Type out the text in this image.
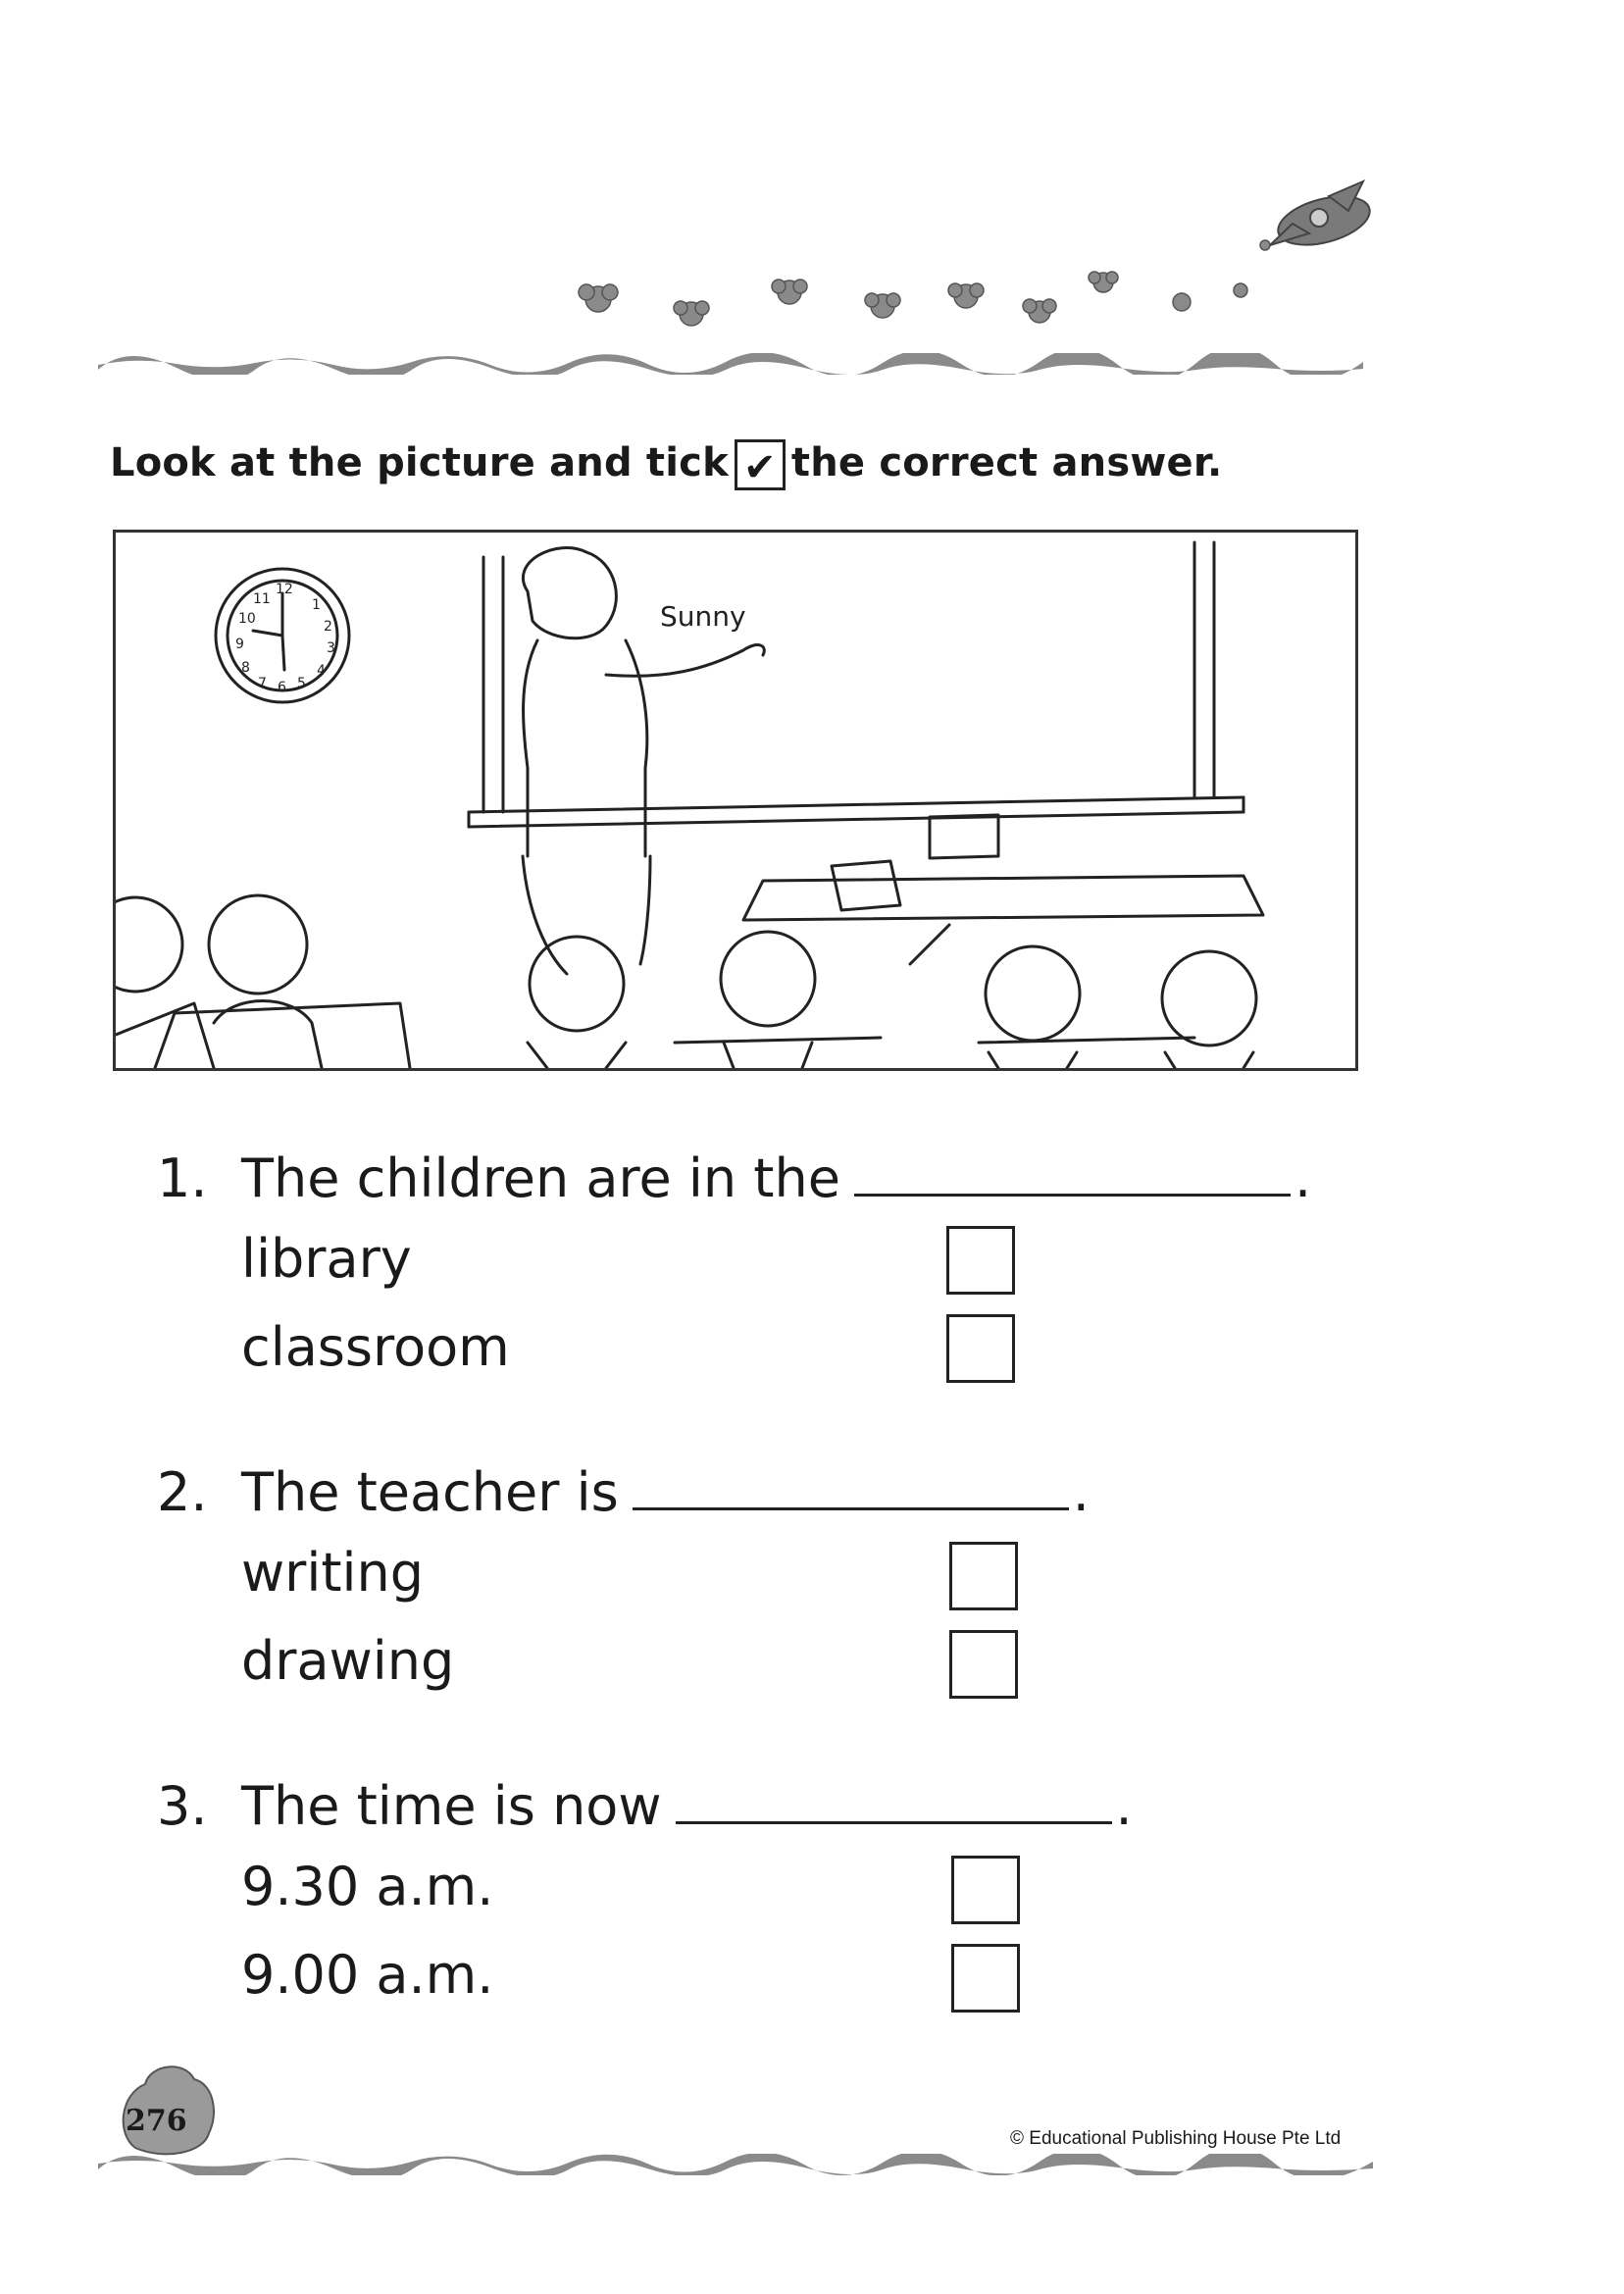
Look at the picture and tick ✔ the correct answer.
12
1
2
3
4
5
6
7
8
9
10
11
Sunny
1. The children are in the	.
library
classroom
2. The teacher is	.
writing
drawing
3. The time is now	.
9.30 a.m.
9.00 a.m.
276
© Educational Publishing House Pte Ltd
